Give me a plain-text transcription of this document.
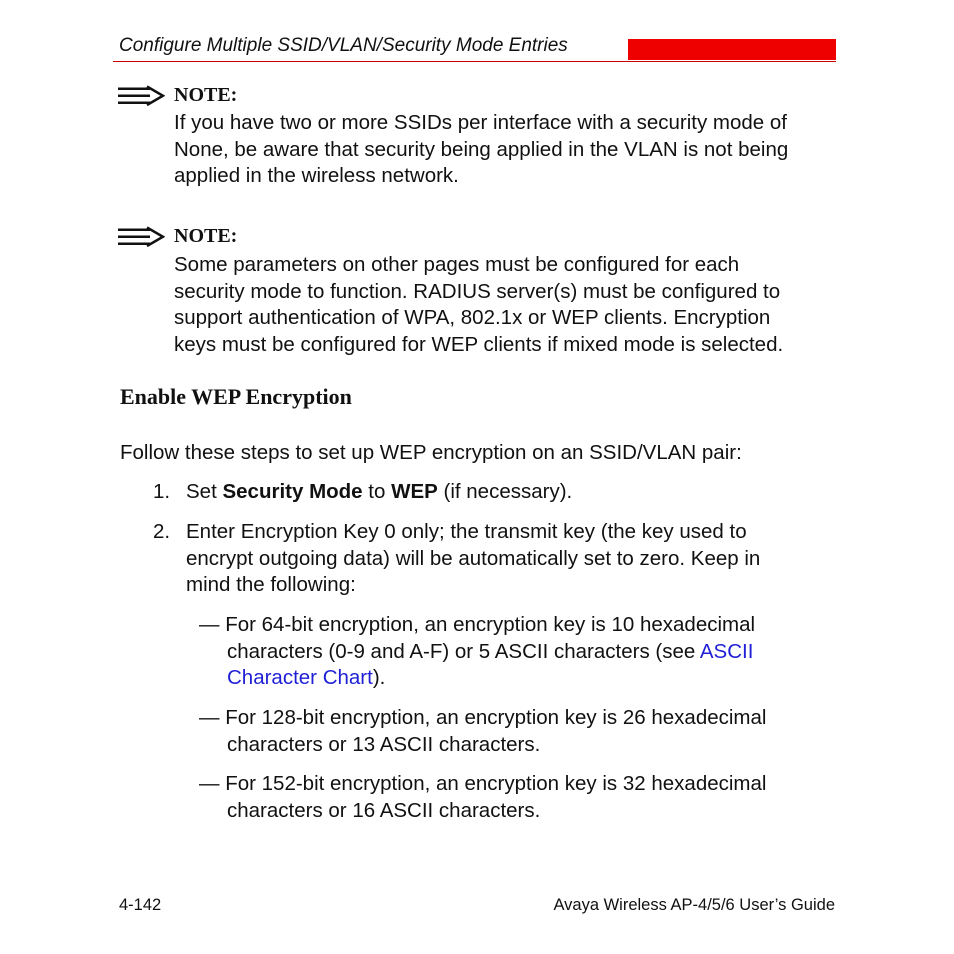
Configure Multiple SSID/VLAN/Security Mode Entries
NOTE:
If you have two or more SSIDs per interface with a security mode of
None, be aware that security being applied in the VLAN is not being
applied in the wireless network.
NOTE:
Some parameters on other pages must be configured for each
security mode to function. RADIUS server(s) must be configured to
support authentication of WPA, 802.1x or WEP clients. Encryption
keys must be configured for WEP clients if mixed mode is selected.
Enable WEP Encryption
Follow these steps to set up WEP encryption on an SSID/VLAN pair:
1. Set Security Mode to WEP (if necessary).
2. Enter Encryption Key 0 only; the transmit key (the key used to
encrypt outgoing data) will be automatically set to zero. Keep in
mind the following:
— For 64-bit encryption, an encryption key is 10 hexadecimal
characters (0-9 and A-F) or 5 ASCII characters (see ASCII
Character Chart).
— For 128-bit encryption, an encryption key is 26 hexadecimal
characters or 13 ASCII characters.
— For 152-bit encryption, an encryption key is 32 hexadecimal
characters or 16 ASCII characters.
4-142	Avaya Wireless AP-4/5/6 User’s Guide
